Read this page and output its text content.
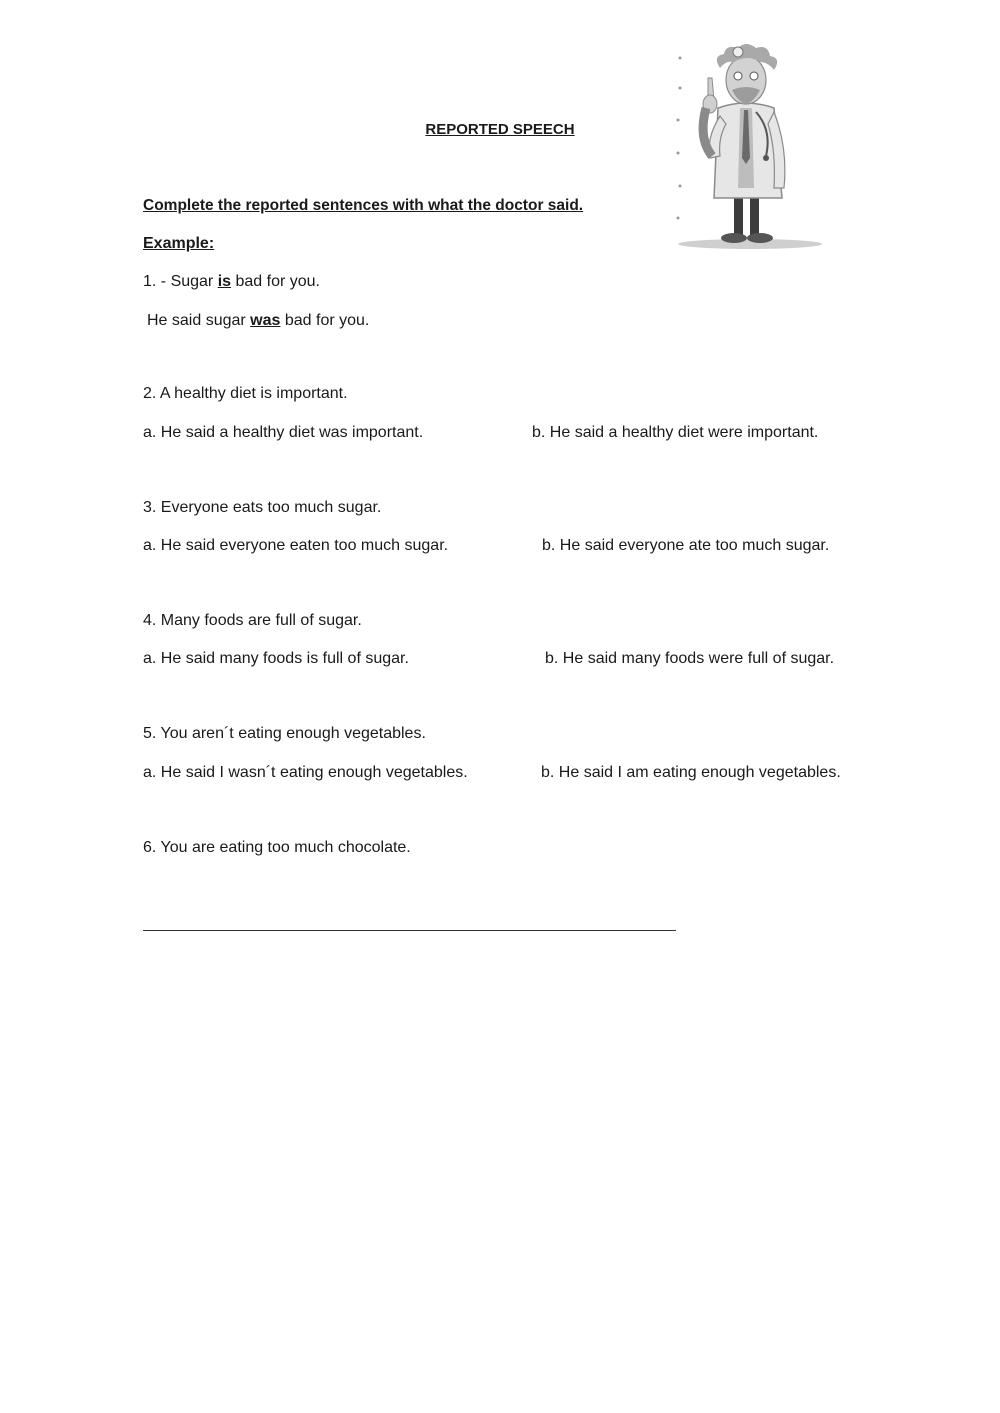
REPORTED SPEECH
Complete the reported sentences with what the doctor said.
Example:
1. - Sugar is bad for you.
He said sugar was bad for you.
2. A healthy diet is important.
a. He said a healthy diet was important.	b. He said a healthy diet were important.
3. Everyone eats too much sugar.
a. He said everyone eaten too much sugar.	b. He said everyone ate too much sugar.
4. Many foods are full of sugar.
a. He said many foods is full of sugar.	b. He said many foods were full of sugar.
5. You aren´t eating enough vegetables.
a. He said I wasn´t eating enough vegetables.	b. He said I am eating enough vegetables.
6. You are eating too much chocolate.
